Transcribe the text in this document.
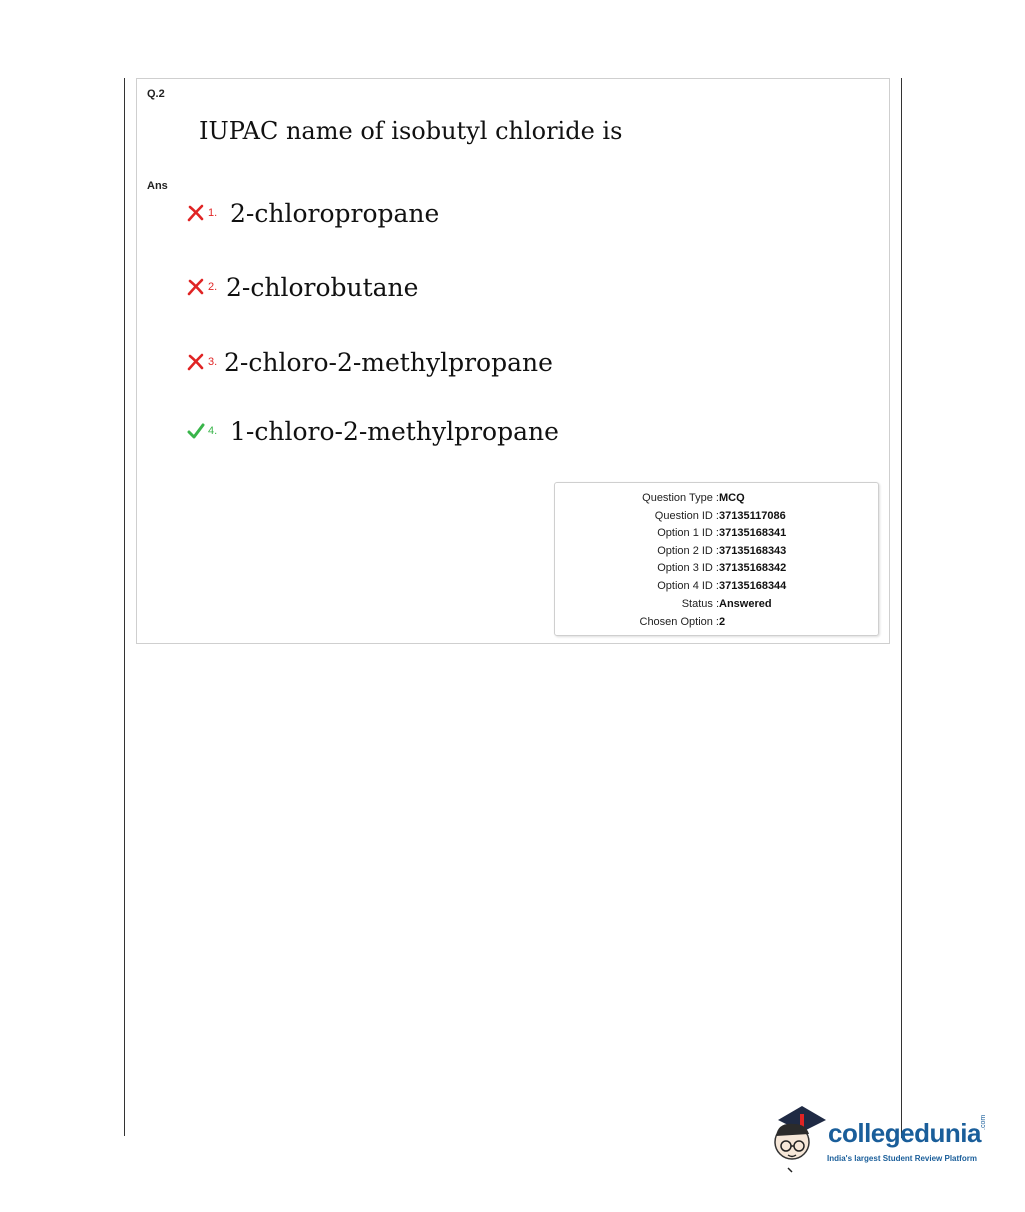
Q.2
IUPAC name of isobutyl chloride is
Ans
1. 2-chloropropane
2. 2-chlorobutane
3. 2-chloro-2-methylpropane
4. 1-chloro-2-methylpropane
Question Type : MCQ
Question ID : 37135117086
Option 1 ID : 37135168341
Option 2 ID : 37135168343
Option 3 ID : 37135168342
Option 4 ID : 37135168344
Status : Answered
Chosen Option : 2
collegedunia .com
India's largest Student Review Platform
